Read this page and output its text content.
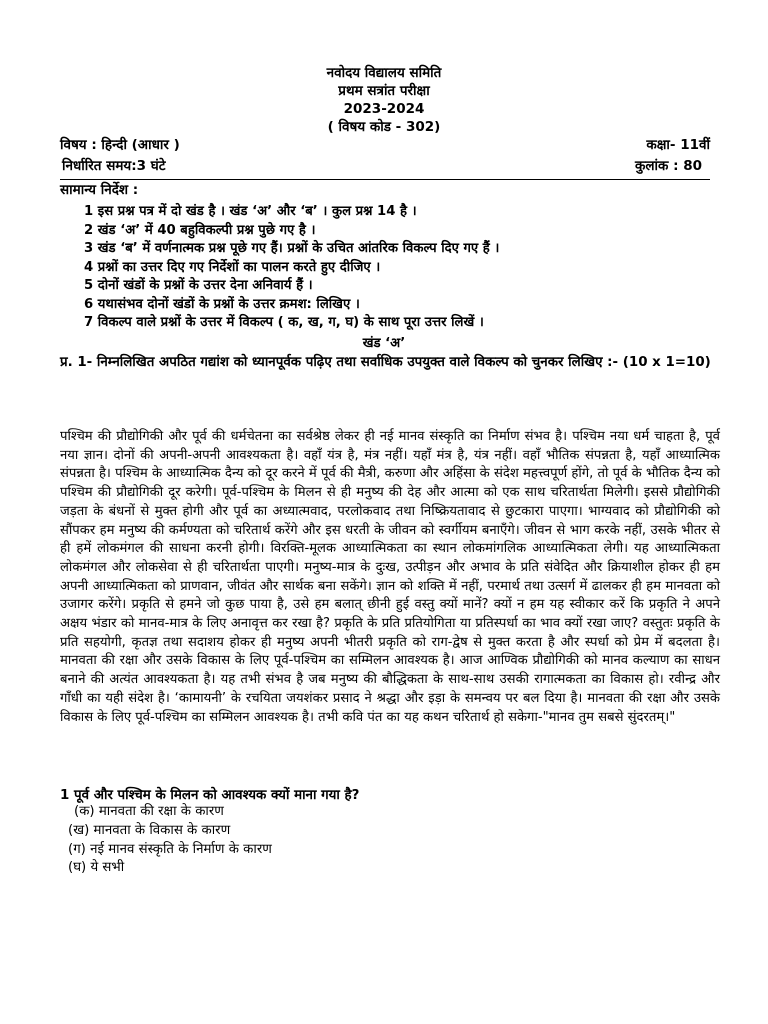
नवोदय विद्यालय समिति
प्रथम सत्रांत परीक्षा
2023-2024
( विषय कोड - 302)
विषय : हिन्दी (आधार )	कक्षा- 11वीं
निर्धारित समय:3 घंटे	कुलांक : 80
सामान्य निर्देश :
1 इस प्रश्न पत्र में दो खंड है । खंड ‘अ’ और ‘ब’ । कुल प्रश्न 14 है ।
2 खंड ‘अ’ में 40 बहुविकल्पी प्रश्न पुछे गए है ।
3 खंड ‘ब’ में वर्णनात्मक प्रश्न पूछे गए हैं। प्रश्नों के उचित आंतरिक विकल्प दिए गए हैं ।
4 प्रश्नों का उत्तर दिए गए निर्देशों का पालन करते हुए दीजिए ।
5 दोनों खंडों के प्रश्नों के उत्तर देना अनिवार्य हैं ।
6 यथासंभव दोनों खंडों के प्रश्नों के उत्तर क्रमश: लिखिए ।
7 विकल्प वाले प्रश्नों के उत्तर में विकल्प ( क, ख, ग, घ) के साथ पूरा उत्तर लिखें ।
खंड ‘अ’
प्र. 1- निम्नलिखित अपठित गद्यांश को ध्यानपूर्वक पढ़िए तथा सर्वाधिक उपयुक्त वाले विकल्प को चुनकर लिखिए :- (10 x 1=10)
पश्चिम की प्रौद्योगिकी और पूर्व की धर्मचेतना का सर्वश्रेष्ठ लेकर ही नई मानव संस्कृति का निर्माण संभव है। पश्चिम नया धर्म चाहता है, पूर्व नया ज्ञान। दोनों की अपनी-अपनी आवश्यकता है। वहाँ यंत्र है, मंत्र नहीं। यहाँ मंत्र है, यंत्र नहीं। वहाँ भौतिक संपन्नता है, यहाँ आध्यात्मिक संपन्नता है। पश्चिम के आध्यात्मिक दैन्य को दूर करने में पूर्व की मैत्री, करुणा और अहिंसा के संदेश महत्त्वपूर्ण होंगे, तो पूर्व के भौतिक दैन्य को पश्चिम की प्रौद्योगिकी दूर करेगी। पूर्व-पश्चिम के मिलन से ही मनुष्य की देह और आत्मा को एक साथ चरितार्थता मिलेगी। इससे प्रौद्योगिकी जड़ता के बंधनों से मुक्त होगी और पूर्व का अध्यात्मवाद, परलोकवाद तथा निष्क्रियतावाद से छुटकारा पाएगा। भाग्यवाद को प्रौद्योगिकी को सौंपकर हम मनुष्य की कर्मण्यता को चरितार्थ करेंगे और इस धरती के जीवन को स्वर्गीयम बनाएँगे। जीवन से भाग करके नहीं, उसके भीतर से ही हमें लोकमंगल की साधना करनी होगी। विरक्ति-मूलक आध्यात्मिकता का स्थान लोकमांगलिक आध्यात्मिकता लेगी। यह आध्यात्मिकता लोकमंगल और लोकसेवा से ही चरितार्थता पाएगी। मनुष्य-मात्र के दुःख, उत्पीड़न और अभाव के प्रति संवेदित और क्रियाशील होकर ही हम अपनी आध्यात्मिकता को प्राणवान, जीवंत और सार्थक बना सकेंगे। ज्ञान को शक्ति में नहीं, परमार्थ तथा उत्सर्ग में ढालकर ही हम मानवता को उजागर करेंगे। प्रकृति से हमने जो कुछ पाया है, उसे हम बलात् छीनी हुई वस्तु क्यों मानें? क्यों न हम यह स्वीकार करें कि प्रकृति ने अपने अक्षय भंडार को मानव-मात्र के लिए अनावृत्त कर रखा है? प्रकृति के प्रति प्रतियोगिता या प्रतिस्पर्धा का भाव क्यों रखा जाए? वस्तुतः प्रकृति के प्रति सहयोगी, कृतज्ञ तथा सदाशय होकर ही मनुष्य अपनी भीतरी प्रकृति को राग-द्वेष से मुक्त करता है और स्पर्धा को प्रेम में बदलता है। मानवता की रक्षा और उसके विकास के लिए पूर्व-पश्चिम का सम्मिलन आवश्यक है। आज आण्विक प्रौद्योगिकी को मानव कल्याण का साधन बनाने की अत्यंत आवश्यकता है। यह तभी संभव है जब मनुष्य की बौद्धिकता के साथ-साथ उसकी रागात्मकता का विकास हो। रवीन्द्र और गाँधी का यही संदेश है। ‘कामायनी’ के रचयिता जयशंकर प्रसाद ने श्रद्धा और इड़ा के समन्वय पर बल दिया है। मानवता की रक्षा और उसके विकास के लिए पूर्व-पश्चिम का सम्मिलन आवश्यक है। तभी कवि पंत का यह कथन चरितार्थ हो सकेगा-"मानव तुम सबसे सुंदरतम्।"
1 पूर्व और पश्चिम के मिलन को आवश्यक क्यों माना गया है?
(क) मानवता की रक्षा के कारण
(ख) मानवता के विकास के कारण
(ग) नई मानव संस्कृति के निर्माण के कारण
(घ) ये सभी
